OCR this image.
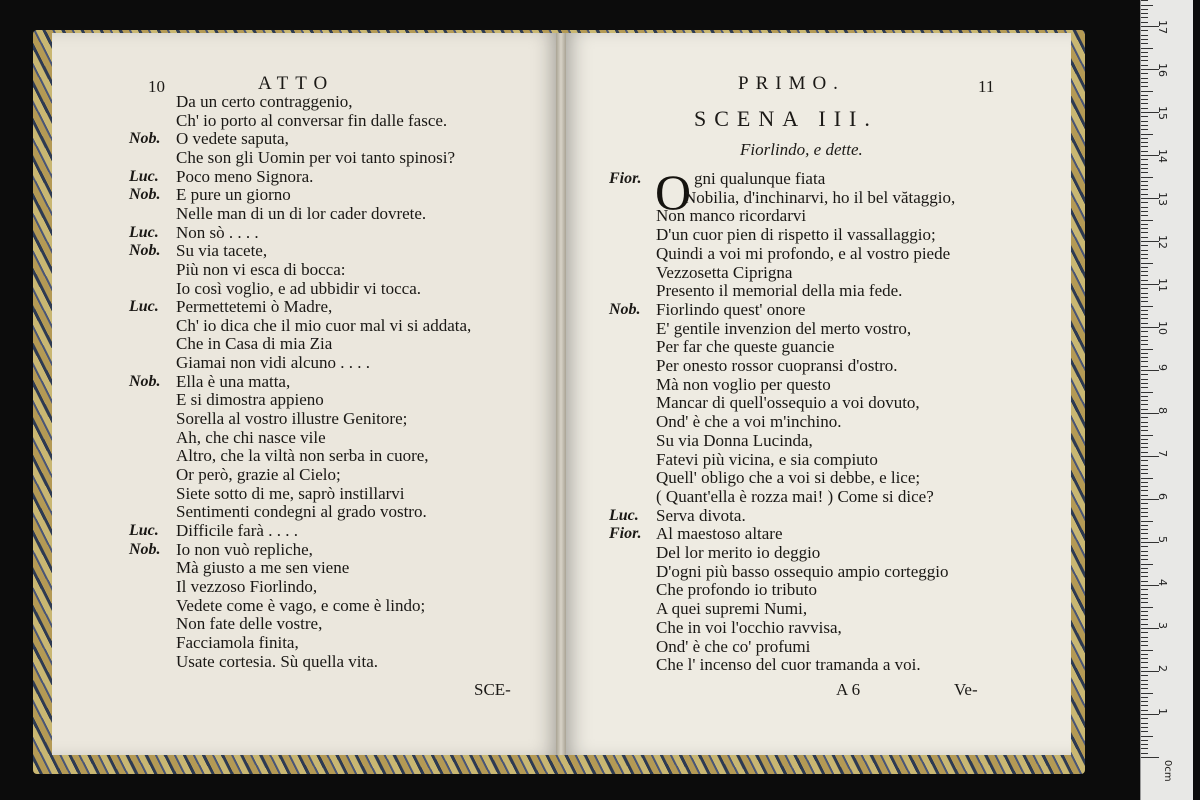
10	ATTO
Da un certo contraggenio,
Ch' io porto al conversar fin dalle fasce.
Nob. O vedete saputa,
Che son gli Uomin per voi tanto spinosi?
Luc. Poco meno Signora.
Nob. E pure un giorno
Nelle man di un di lor cader dovrete.
Luc. Non sò . . . .
Nob. Su via tacete,
Più non vi esca di bocca:
Io così voglio, e ad ubbidir vi tocca.
Luc. Permettetemi ò Madre,
Ch' io dica che il mio cuor mal vi si addata,
Che in Casa di mia Zia
Giamai non vidi alcuno . . . .
Nob. Ella è una matta,
E si dimostra appieno
Sorella al vostro illustre Genitore;
Ah, che chi nasce vile
Altro, che la viltà non serba in cuore,
Or però, grazie al Cielo;
Siete sotto di me, saprò instillarvi
Sentimenti condegni al grado vostro.
Luc. Difficile farà . . . .
Nob. Io non vuò repliche,
Mà giusto a me sen viene
Il vezzoso Fiorlindo,
Vedete come è vago, e come è lindo;
Non fate delle vostre,
Facciamola finita,
Usate cortesia. Sù quella vita.
SCE-
PRIMO.	11
SCENA III.
Fiorlindo, e dette.
O
Fior.	gni qualunque fiata
Nobilia, d'inchinarvi, ho il bel vătaggio,
Non manco ricordarvi
D'un cuor pien di rispetto il vassallaggio;
Quindi a voi mi profondo, e al vostro piede
Vezzosetta Ciprigna
Presento il memorial della mia fede.
Nob. Fiorlindo quest' onore
E' gentile invenzion del merto vostro,
Per far che queste guancie
Per onesto rossor cuopransi d'ostro.
Mà non voglio per questo
Mancar di quell'ossequio a voi dovuto,
Ond' è che a voi m'inchino.
Su via Donna Lucinda,
Fatevi più vicina, e sia compiuto
Quell' obligo che a voi si debbe, e lice;
( Quant'ella è rozza mai! ) Come si dice?
Luc. Serva divota.
Fior. Al maestoso altare
Del lor merito io deggio
D'ogni più basso ossequio ampio corteggio
Che profondo io tributo
A quei supremi Numi,
Che in voi l'occhio ravvisa,
Ond' è che co' profumi
Che l' incenso del cuor tramanda a voi.
A 6	Ve-
0cm
1
2
3
4
5
6
7
8
9
10
11
12
13
14
15
16
17
